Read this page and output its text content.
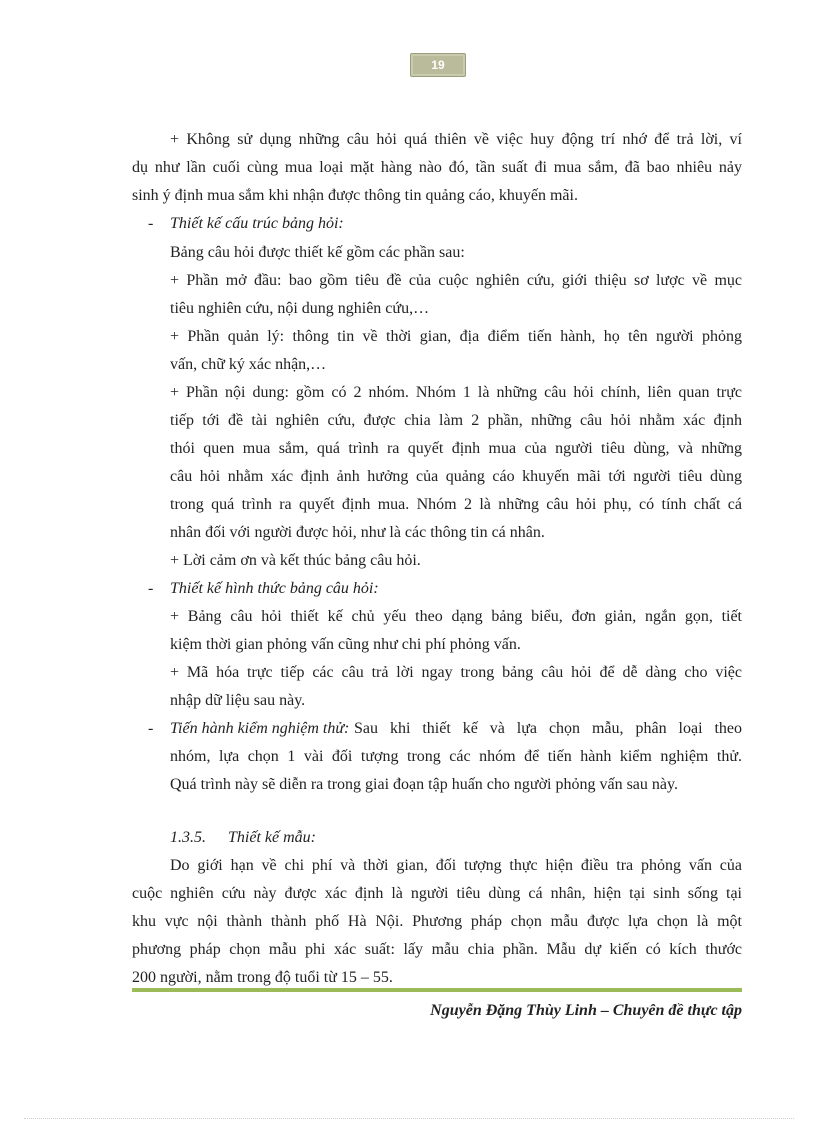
19
+ Không sử dụng những câu hỏi quá thiên về việc huy động trí nhớ để trả lời, ví
dụ như lần cuối cùng mua loại mặt hàng nào đó, tần suất đi mua sắm, đã bao nhiêu nảy
sinh ý định mua sắm khi nhận được thông tin quảng cáo, khuyến mãi.
- Thiết kế cấu trúc bảng hỏi:
Bảng câu hỏi được thiết kế gồm các phần sau:
+ Phần mở đầu: bao gồm tiêu đề của cuộc nghiên cứu, giới thiệu sơ lược về mục
tiêu nghiên cứu, nội dung nghiên cứu,…
+ Phần quản lý: thông tin về thời gian, địa điểm tiến hành, họ tên người phỏng
vấn, chữ ký xác nhận,…
+ Phần nội dung: gồm có 2 nhóm. Nhóm 1 là những câu hỏi chính, liên quan trực
tiếp tới đề tài nghiên cứu, được chia làm 2 phần, những câu hỏi nhằm xác định
thói quen mua sắm, quá trình ra quyết định mua của người tiêu dùng, và những
câu hỏi nhằm xác định ảnh hưởng của quảng cáo khuyến mãi tới người tiêu dùng
trong quá trình ra quyết định mua. Nhóm 2 là những câu hỏi phụ, có tính chất cá
nhân đối với người được hỏi, như là các thông tin cá nhân.
+ Lời cảm ơn và kết thúc bảng câu hỏi.
- Thiết kế hình thức bảng câu hỏi:
+ Bảng câu hỏi thiết kế chủ yếu theo dạng bảng biểu, đơn giản, ngắn gọn, tiết
kiệm thời gian phỏng vấn cũng như chi phí phỏng vấn.
+ Mã hóa trực tiếp các câu trả lời ngay trong bảng câu hỏi để dễ dàng cho việc
nhập dữ liệu sau này.
- Tiến hành kiểm nghiệm thử: Sau khi thiết kế và lựa chọn mẫu, phân loại theo
nhóm, lựa chọn 1 vài đối tượng trong các nhóm để tiến hành kiểm nghiệm thử.
Quá trình này sẽ diễn ra trong giai đoạn tập huấn cho người phỏng vấn sau này.
1.3.5. Thiết kế mẫu:
Do giới hạn về chi phí và thời gian, đối tượng thực hiện điều tra phỏng vấn của
cuộc nghiên cứu này được xác định là người tiêu dùng cá nhân, hiện tại sinh sống tại
khu vực nội thành thành phố Hà Nội. Phương pháp chọn mẫu được lựa chọn là một
phương pháp chọn mẫu phi xác suất: lấy mẫu chia phần. Mẫu dự kiến có kích thước
200 người, nằm trong độ tuổi từ 15 – 55.
Nguyễn Đặng Thùy Linh – Chuyên đề thực tập
